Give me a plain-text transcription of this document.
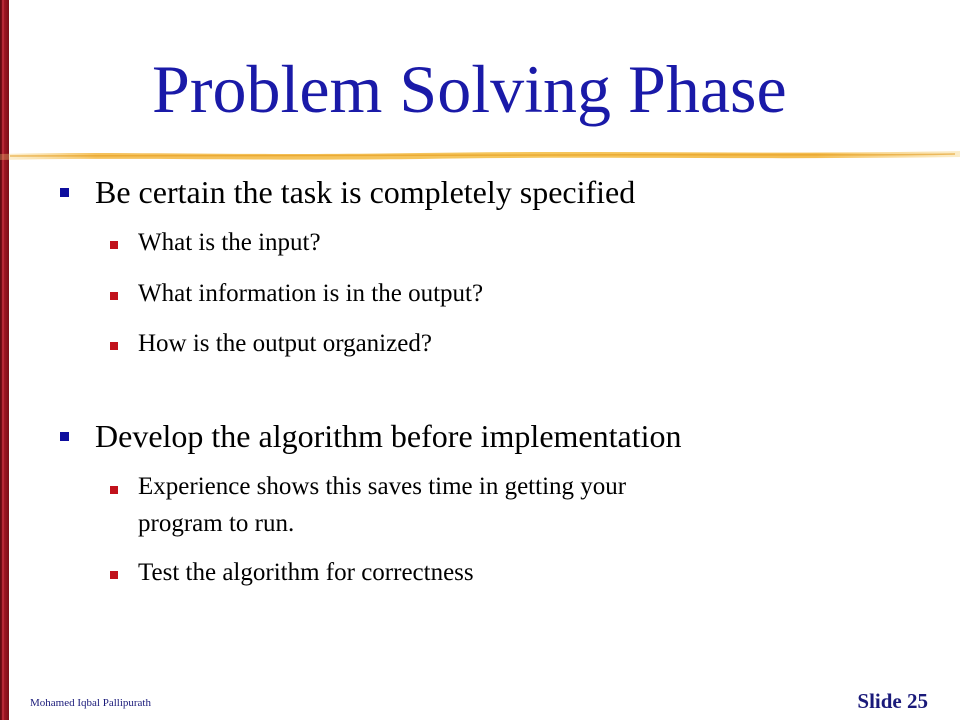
Problem Solving Phase
Be certain the task is completely specified
What is the input?
What information is in the output?
How is the output organized?
Develop the algorithm before implementation
Experience shows this saves time in getting your
program to run.
Test the algorithm for correctness
Mohamed Iqbal Pallipurath	Slide 25
